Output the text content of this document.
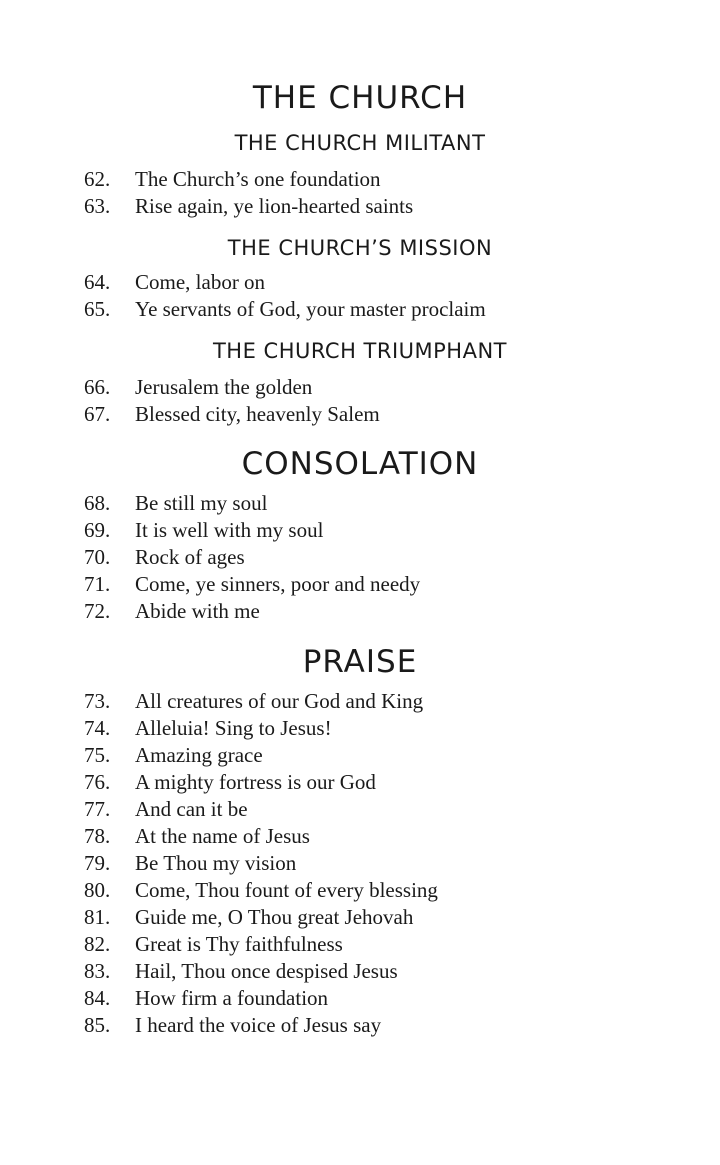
THE CHURCH
THE CHURCH MILITANT
62.	The Church’s one foundation
63.	Rise again, ye lion-hearted saints
THE CHURCH’S MISSION
64.	Come, labor on
65.	Ye servants of God, your master proclaim
THE CHURCH TRIUMPHANT
66.	Jerusalem the golden
67.	Blessed city, heavenly Salem
CONSOLATION
68.	Be still my soul
69.	It is well with my soul
70.	Rock of ages
71.	Come, ye sinners, poor and needy
72.	Abide with me
PRAISE
73.	All creatures of our God and King
74.	Alleluia! Sing to Jesus!
75.	Amazing grace
76.	A mighty fortress is our God
77.	And can it be
78.	At the name of Jesus
79.	Be Thou my vision
80.	Come, Thou fount of every blessing
81.	Guide me, O Thou great Jehovah
82.	Great is Thy faithfulness
83.	Hail, Thou once despised Jesus
84.	How firm a foundation
85.	I heard the voice of Jesus say
